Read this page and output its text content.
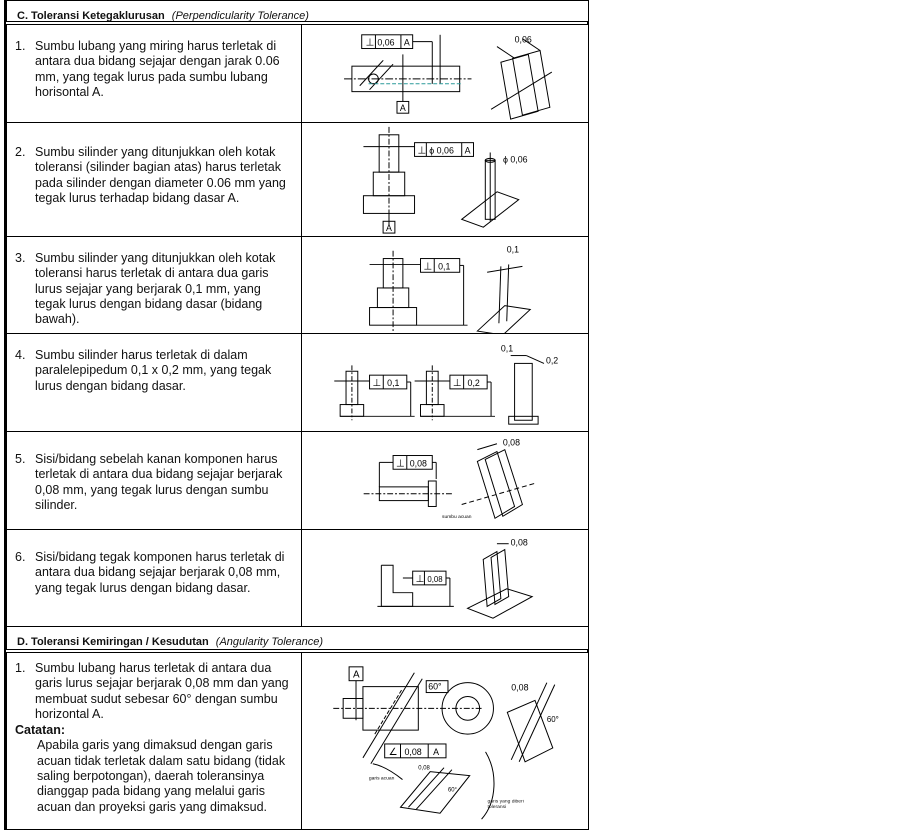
C. Toleransi Ketegaklurusan (Perpendicularity Tolerance)
1. Sumbu lubang yang miring harus terletak di antara dua bidang sejajar dengan jarak 0.06 mm, yang tegak lurus pada sumbu lubang horisontal A.
⊥ 0,06 A
A
0,06
2. Sumbu silinder yang ditunjukkan oleh kotak toleransi (silinder bagian atas) harus terletak pada silinder dengan diameter 0.06 mm yang tegak lurus terhadap bidang dasar A.
⊥ ϕ 0,06 A
A
ϕ 0,06
3. Sumbu silinder yang ditunjukkan oleh kotak toleransi harus terletak di antara dua garis lurus sejajar yang berjarak 0,1 mm, yang tegak lurus dengan bidang dasar (bidang bawah).
⊥ 0,1
0,1
4. Sumbu silinder harus terletak di dalam paralelepipedum 0,1 x 0,2 mm, yang tegak lurus dengan bidang dasar.	⊥ 0,1	⊥ 0,2
0,1
0,2
5. Sisi/bidang sebelah kanan komponen harus terletak di antara dua bidang sejajar berjarak 0,08 mm, yang tegak lurus dengan sumbu silinder.
⊥ 0,08
0,08
sumbu acuan
6. Sisi/bidang tegak komponen harus terletak di antara dua bidang sejajar berjarak 0,08 mm, yang tegak lurus dengan bidang dasar.
⊥ 0,08
0,08
D. Toleransi Kemiringan / Kesudutan (Angularity Tolerance)
1. Sumbu lubang harus terletak di antara dua garis lurus sejajar berjarak 0,08 mm dan yang membuat sudut sebesar 60° dengan sumbu horizontal A.
Catatan:
Apabila garis yang dimaksud dengan garis acuan tidak terletak dalam satu bidang (tidak saling berpotongan), daerah toleransinya dianggap pada bidang yang melalui garis acuan dan proyeksi garis yang dimaksud.
A
60°
∠ 0,08 A
0,08
60°
0,08
60°
garis acuan
garis yang diberi toleransi
